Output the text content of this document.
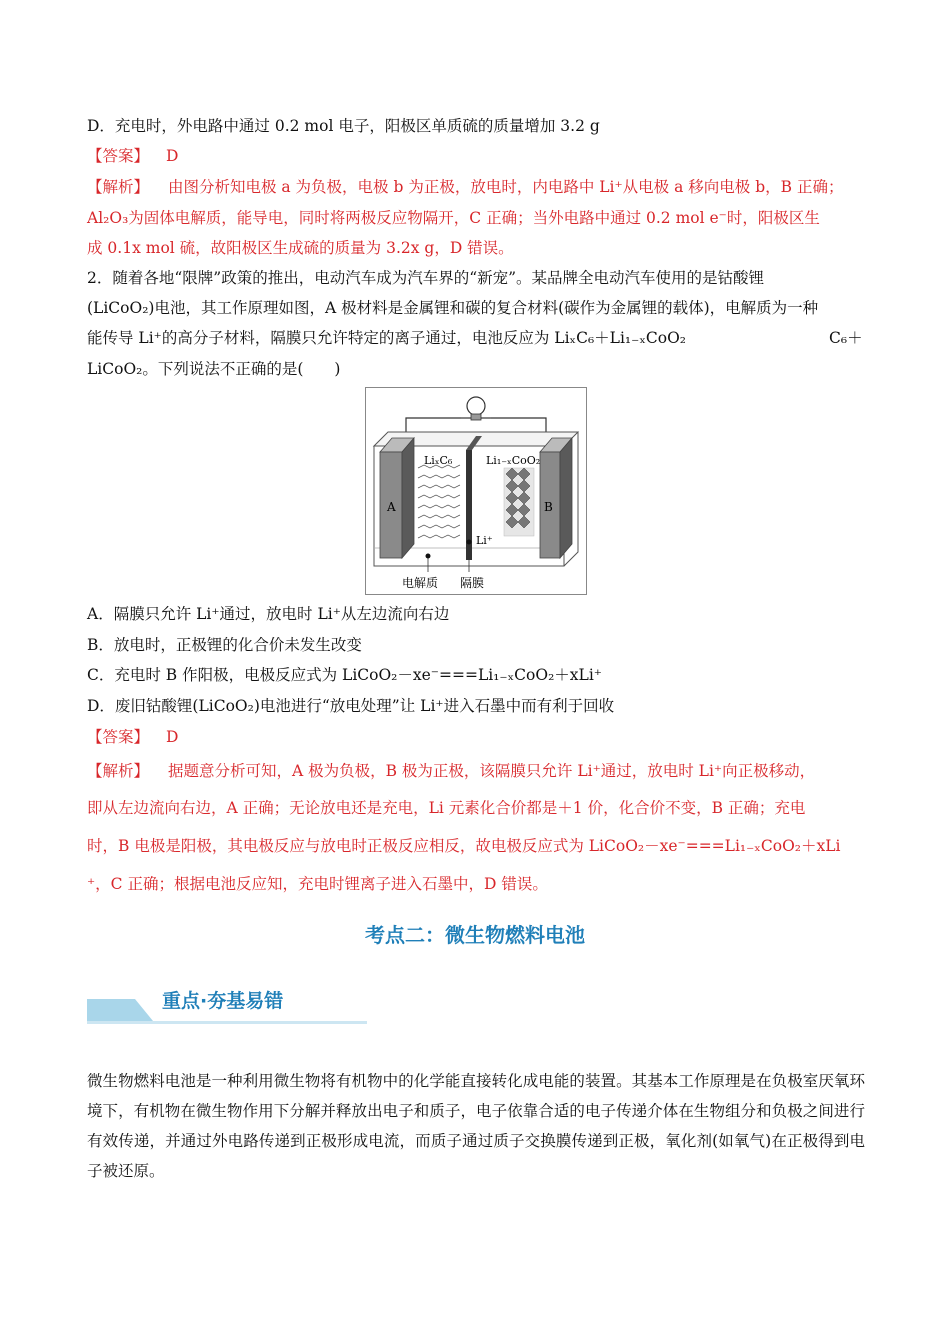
D．充电时，外电路中通过 0.2 mol 电子，阳极区单质硫的质量增加 3.2 g
【答案】 D
【解析】 由图分析知电极 a 为负极，电极 b 为正极，放电时，内电路中 Li⁺从电极 a 移向电极 b，B 正确；
Al₂O₃为固体电解质，能导电，同时将两极反应物隔开，C 正确；当外电路中通过 0.2 mol e⁻时，阳极区生
成 0.1x mol 硫，故阳极区生成硫的质量为 3.2x g，D 错误。
2．随着各地“限牌”政策的推出，电动汽车成为汽车界的“新宠”。某品牌全电动汽车使用的是钴酸锂
(LiCoO₂)电池，其工作原理如图，A 极材料是金属锂和碳的复合材料(碳作为金属锂的载体)，电解质为一种
能传导 Li⁺的高分子材料，隔膜只允许特定的离子通过，电池反应为 LiₓC₆＋Li₁₋ₓCoO₂	C₆＋
LiCoO₂。下列说法不正确的是(　　)
A	B
LiₓC₆	Li₁₋ₓCoO₂
Li⁺
电解质 隔膜
A．隔膜只允许 Li⁺通过，放电时 Li⁺从左边流向右边
B．放电时，正极锂的化合价未发生改变
C．充电时 B 作阳极，电极反应式为 LiCoO₂－xe⁻===Li₁₋ₓCoO₂＋xLi⁺
D．废旧钴酸锂(LiCoO₂)电池进行“放电处理”让 Li⁺进入石墨中而有利于回收
【答案】 D
【解析】 据题意分析可知，A 极为负极，B 极为正极，该隔膜只允许 Li⁺通过，放电时 Li⁺向正极移动，
即从左边流向右边，A 正确；无论放电还是充电，Li 元素化合价都是＋1 价，化合价不变，B 正确；充电
时，B 电极是阳极，其电极反应与放电时正极反应相反，故电极反应式为 LiCoO₂－xe⁻===Li₁₋ₓCoO₂＋xLi
⁺，C 正确；根据电池反应知，充电时锂离子进入石墨中，D 错误。
考点二：微生物燃料电池
重点·夯基易错
微生物燃料电池是一种利用微生物将有机物中的化学能直接转化成电能的装置。其基本工作原理是在负极室厌氧环境下，有机物在微生物作用下分解并释放出电子和质子，电子依靠合适的电子传递介体在生物组分和负极之间进行有效传递，并通过外电路传递到正极形成电流，而质子通过质子交换膜传递到正极，氧化剂(如氧气)在正极得到电子被还原。
